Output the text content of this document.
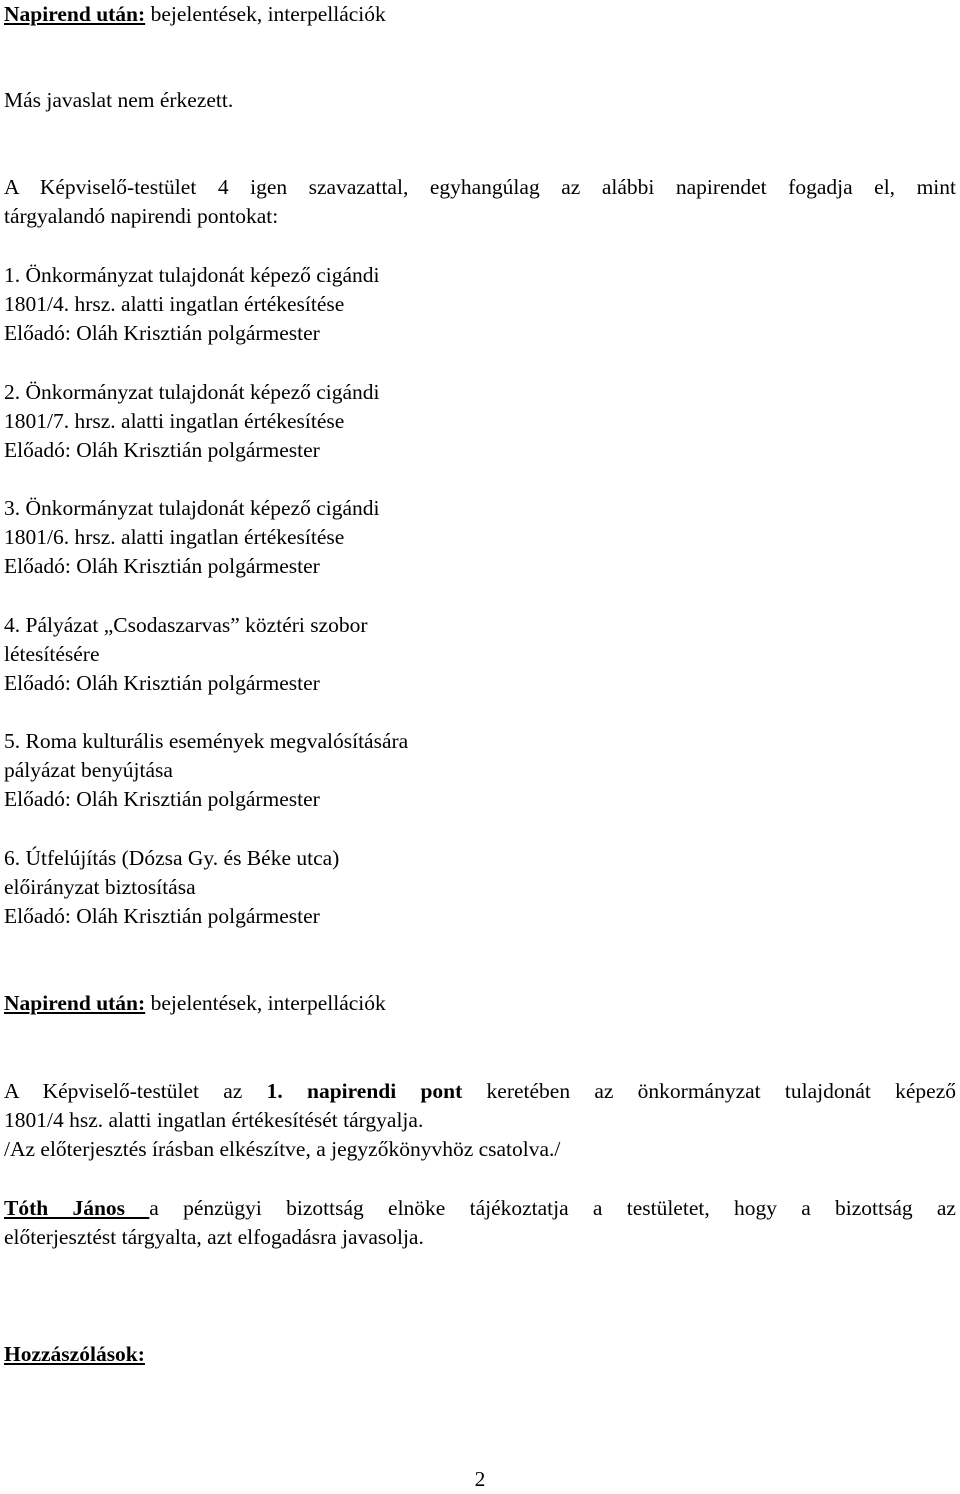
Napirend után: bejelentések, interpellációk

Más javaslat nem érkezett.

A Képviselő-testület 4 igen szavazattal, egyhangúlag az alábbi napirendet fogadja el, mint

tárgyalandó napirendi pontokat:

1. Önkormányzat tulajdonát képező cigándi
1801/4. hrsz. alatti ingatlan értékesítése
Előadó: Oláh Krisztián polgármester
2. Önkormányzat tulajdonát képező cigándi
1801/7. hrsz. alatti ingatlan értékesítése
Előadó: Oláh Krisztián polgármester
3. Önkormányzat tulajdonát képező cigándi
1801/6. hrsz. alatti ingatlan értékesítése
Előadó: Oláh Krisztián polgármester
4. Pályázat „Csodaszarvas” köztéri szobor
létesítésére
Előadó: Oláh Krisztián polgármester
5. Roma kulturális események megvalósítására
pályázat benyújtása
Előadó: Oláh Krisztián polgármester
6. Útfelújítás (Dózsa Gy. és Béke utca)
előirányzat biztosítása
Előadó: Oláh Krisztián polgármester

Napirend után: bejelentések, interpellációk

A Képviselő-testület az 1. napirendi pont keretében az önkormányzat tulajdonát képező

1801/4 hsz. alatti ingatlan értékesítését tárgyalja.

/Az előterjesztés írásban elkészítve, a jegyzőkönyvhöz csatolva./

Tóth János a pénzügyi bizottság elnöke tájékoztatja a testületet, hogy a bizottság az

előterjesztést tárgyalta, azt elfogadásra javasolja.

Hozzászólások:

2
